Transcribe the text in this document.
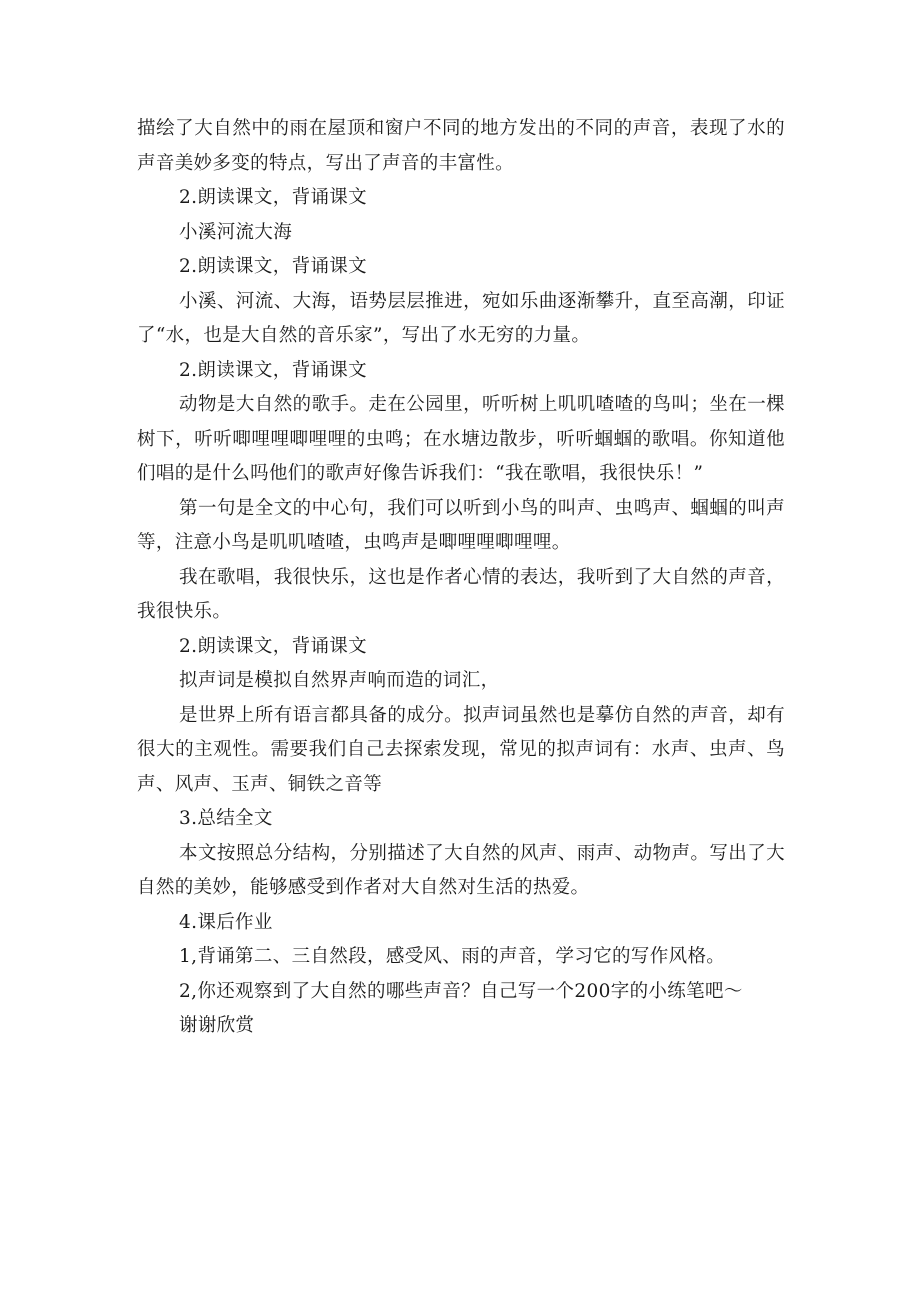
描绘了大自然中的雨在屋顶和窗户不同的地方发出的不同的声音，表现了水的声音美妙多变的特点，写出了声音的丰富性。

2.朗读课文，背诵课文

小溪河流大海

2.朗读课文，背诵课文

小溪、河流、大海，语势层层推进，宛如乐曲逐渐攀升，直至高潮，印证了“水，也是大自然的音乐家”，写出了水无穷的力量。

2.朗读课文，背诵课文

动物是大自然的歌手。走在公园里，听听树上叽叽喳喳的鸟叫；坐在一棵树下，听听唧哩哩唧哩哩的虫鸣；在水塘边散步，听听蝈蝈的歌唱。你知道他们唱的是什么吗他们的歌声好像告诉我们：“我在歌唱，我很快乐！”

第一句是全文的中心句，我们可以听到小鸟的叫声、虫鸣声、蝈蝈的叫声等，注意小鸟是叽叽喳喳，虫鸣声是唧哩哩唧哩哩。

我在歌唱，我很快乐，这也是作者心情的表达，我听到了大自然的声音，我很快乐。

2.朗读课文，背诵课文

拟声词是模拟自然界声响而造的词汇，

是世界上所有语言都具备的成分。拟声词虽然也是摹仿自然的声音，却有很大的主观性。需要我们自己去探索发现，常见的拟声词有：水声、虫声、鸟声、风声、玉声、铜铁之音等

3.总结全文

本文按照总分结构，分别描述了大自然的风声、雨声、动物声。写出了大自然的美妙，能够感受到作者对大自然对生活的热爱。

4.课后作业

1,背诵第二、三自然段，感受风、雨的声音，学习它的写作风格。

2,你还观察到了大自然的哪些声音？自己写一个200字的小练笔吧～

谢谢欣赏
